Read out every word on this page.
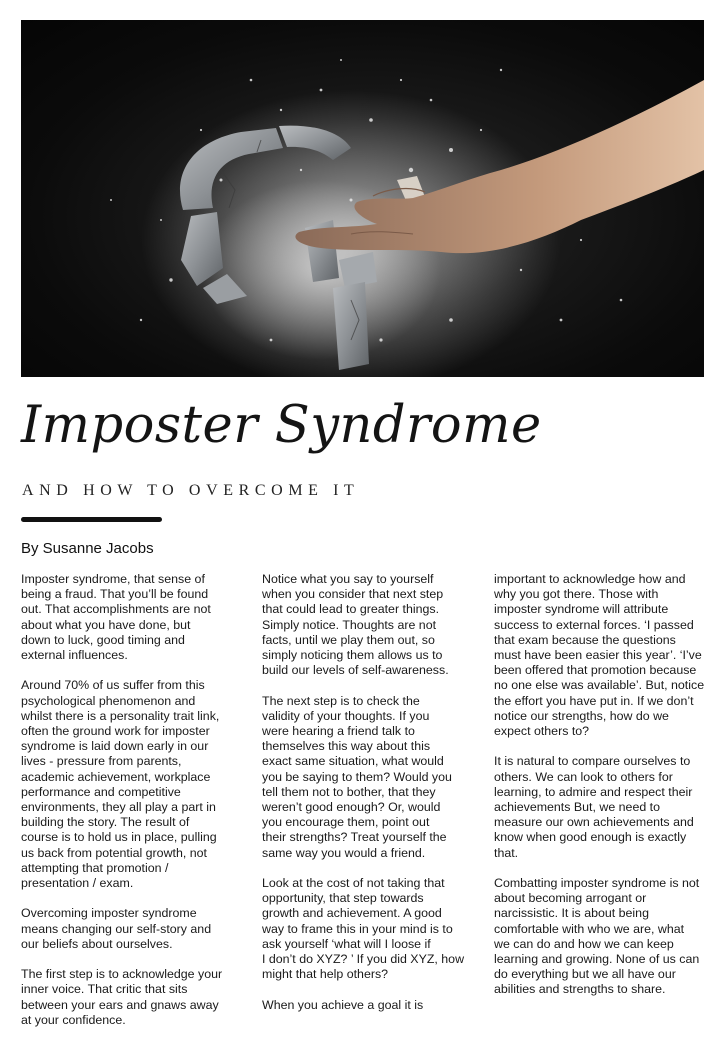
Imposter Syndrome

AND HOW TO OVERCOME IT

By Susanne Jacobs

Imposter syndrome, that sense of
being a fraud. That you’ll be found
out. That accomplishments are not
about what you have done, but
down to luck, good timing and
external influences.

Around 70% of us suffer from this
psychological phenomenon and
whilst there is a personality trait link,
often the ground work for imposter
syndrome is laid down early in our
lives - pressure from parents,
academic achievement, workplace
performance and competitive
environments, they all play a part in
building the story. The result of
course is to hold us in place, pulling
us back from potential growth, not
attempting that promotion /
presentation / exam.

Overcoming imposter syndrome
means changing our self-story and
our beliefs about ourselves.

The first step is to acknowledge your
inner voice. That critic that sits
between your ears and gnaws away
at your confidence.

Notice what you say to yourself
when you consider that next step
that could lead to greater things.
Simply notice. Thoughts are not
facts, until we play them out, so
simply noticing them allows us to
build our levels of self-awareness.

The next step is to check the
validity of your thoughts. If you
were hearing a friend talk to
themselves this way about this
exact same situation, what would
you be saying to them? Would you
tell them not to bother, that they
weren’t good enough? Or, would
you encourage them, point out
their strengths? Treat yourself the
same way you would a friend.

Look at the cost of not taking that
opportunity, that step towards
growth and achievement. A good
way to frame this in your mind is to
ask yourself ‘what will I loose if
I don’t do XYZ? ’ If you did XYZ, how
might that help others?

When you achieve a goal it is

important to acknowledge how and
why you got there. Those with
imposter syndrome will attribute
success to external forces. ‘I passed
that exam because the questions
must have been easier this year’. ‘I’ve
been offered that promotion because
no one else was available’. But, notice
the effort you have put in. If we don’t
notice our strengths, how do we
expect others to?

It is natural to compare ourselves to
others. We can look to others for
learning, to admire and respect their
achievements But, we need to
measure our own achievements and
know when good enough is exactly
that.

Combatting imposter syndrome is not
about becoming arrogant or
narcissistic. It is about being
comfortable with who we are, what
we can do and how we can keep
learning and growing. None of us can
do everything but we all have our
abilities and strengths to share.
